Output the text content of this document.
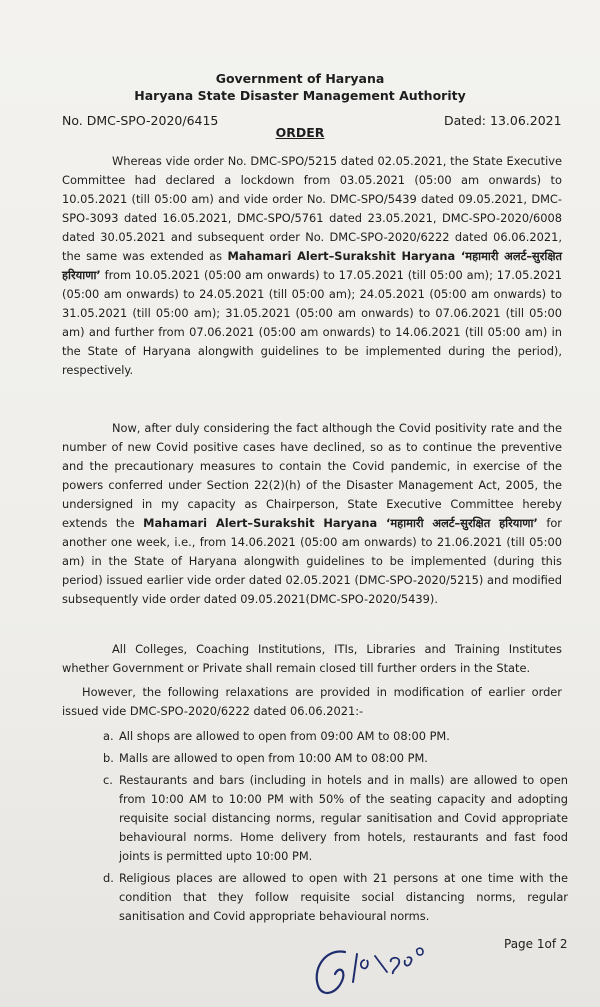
Government of Haryana
Haryana State Disaster Management Authority
No. DMC-SPO-2020/6415	Dated: 13.06.2021
ORDER

Whereas vide order No. DMC-SPO/5215 dated 02.05.2021, the State Executive Committee had declared a lockdown from 03.05.2021 (05:00 am onwards) to 10.05.2021 (till 05:00 am) and vide order No. DMC-SPO/5439 dated 09.05.2021, DMC-SPO-3093 dated 16.05.2021, DMC-SPO/5761 dated 23.05.2021, DMC-SPO-2020/6008 dated 30.05.2021 and subsequent order No. DMC-SPO-2020/6222 dated 06.06.2021, the same was extended as Mahamari Alert–Surakshit Haryana ‘महामारी अलर्ट–सुरक्षित हरियाणा’ from 10.05.2021 (05:00 am onwards) to 17.05.2021 (till 05:00 am); 17.05.2021 (05:00 am onwards) to 24.05.2021 (till 05:00 am); 24.05.2021 (05:00 am onwards) to 31.05.2021 (till 05:00 am); 31.05.2021 (05:00 am onwards) to 07.06.2021 (till 05:00 am) and further from 07.06.2021 (05:00 am onwards) to 14.06.2021 (till 05:00 am) in the State of Haryana alongwith guidelines to be implemented during the period), respectively.

Now, after duly considering the fact although the Covid positivity rate and the number of new Covid positive cases have declined, so as to continue the preventive and the precautionary measures to contain the Covid pandemic, in exercise of the powers conferred under Section 22(2)(h) of the Disaster Management Act, 2005, the undersigned in my capacity as Chairperson, State Executive Committee hereby extends the Mahamari Alert–Surakshit Haryana ‘महामारी अलर्ट–सुरक्षित हरियाणा’ for another one week, i.e., from 14.06.2021 (05:00 am onwards) to 21.06.2021 (till 05:00 am) in the State of Haryana alongwith guidelines to be implemented (during this period) issued earlier vide order dated 02.05.2021 (DMC-SPO-2020/5215) and modified subsequently vide order dated 09.05.2021(DMC-SPO-2020/5439).

All Colleges, Coaching Institutions, ITIs, Libraries and Training Institutes whether Government or Private shall remain closed till further orders in the State.

However, the following relaxations are provided in modification of earlier order issued vide DMC-SPO-2020/6222 dated 06.06.2021:-

a. All shops are allowed to open from 09:00 AM to 08:00 PM.
b. Malls are allowed to open from 10:00 AM to 08:00 PM.
c. Restaurants and bars (including in hotels and in malls) are allowed to open from 10:00 AM to 10:00 PM with 50% of the seating capacity and adopting requisite social distancing norms, regular sanitisation and Covid appropriate behavioural norms. Home delivery from hotels, restaurants and fast food joints is permitted upto 10:00 PM.
d. Religious places are allowed to open with 21 persons at one time with the condition that they follow requisite social distancing norms, regular sanitisation and Covid appropriate behavioural norms.
Page 1of 2
